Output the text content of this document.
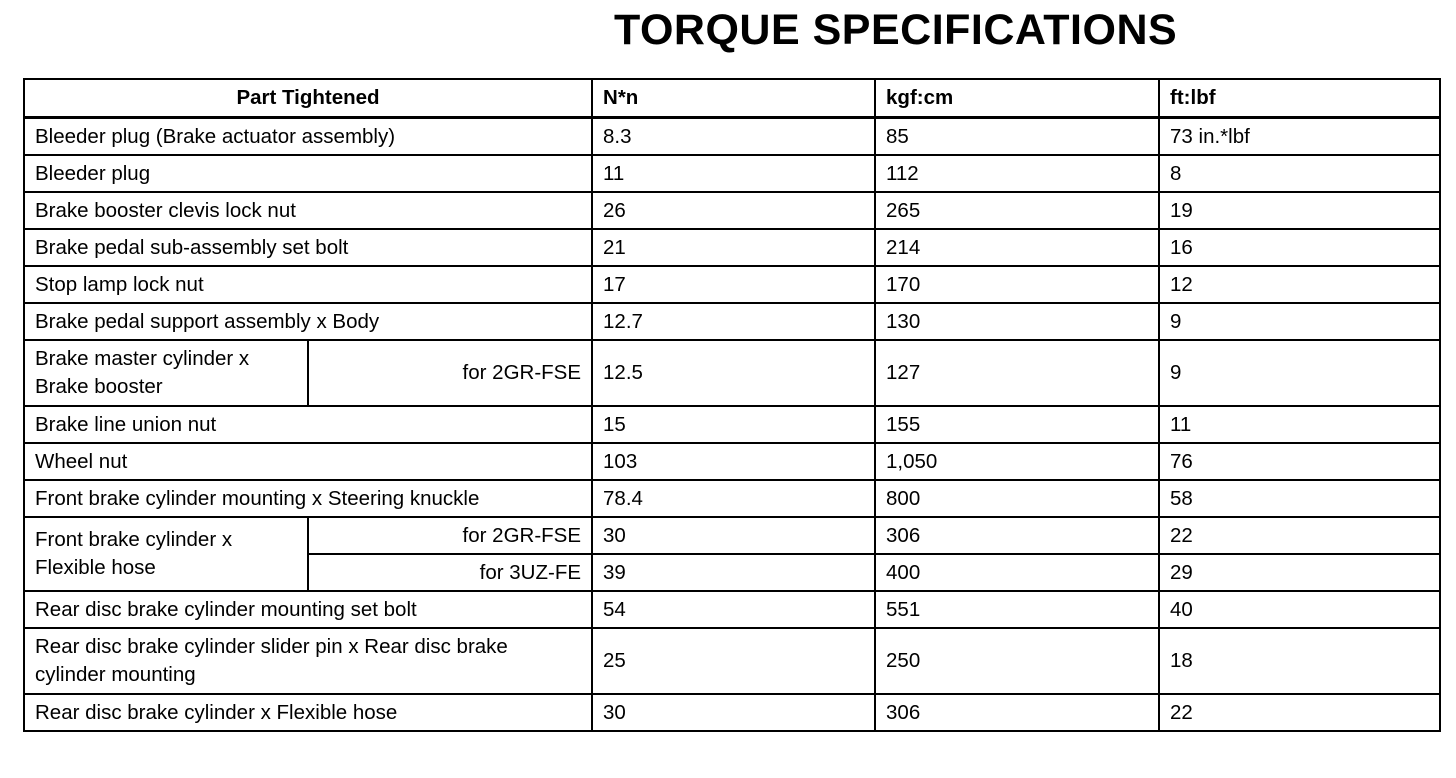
TORQUE SPECIFICATIONS
Part Tightened		N*n	kgf:cm	ft:lbf
Bleeder plug (Brake actuator assembly)		8.3	85	73 in.*lbf
Bleeder plug		11	112	8
Brake booster clevis lock nut		26	265	19
Brake pedal sub-assembly set bolt		21	214	16
Stop lamp lock nut		17	170	12
Brake pedal support assembly x Body		12.7	130	9

Brake master cylinder x
Brake booster	for 2GR-FSE	12.5	127	9
Brake line union nut		15	155	11
Wheel nut		103	1,050	76
Front brake cylinder mounting x Steering knuckle		78.4	800	58

Front brake cylinder x
Flexible hose	for 2GR-FSE	30	306	22
	for 3UZ-FE	39	400	29
Rear disc brake cylinder mounting set bolt		54	551	40

Rear disc brake cylinder slider pin x Rear disc brake
cylinder mounting		25	250	18
Rear disc brake cylinder x Flexible hose		30	306	22
